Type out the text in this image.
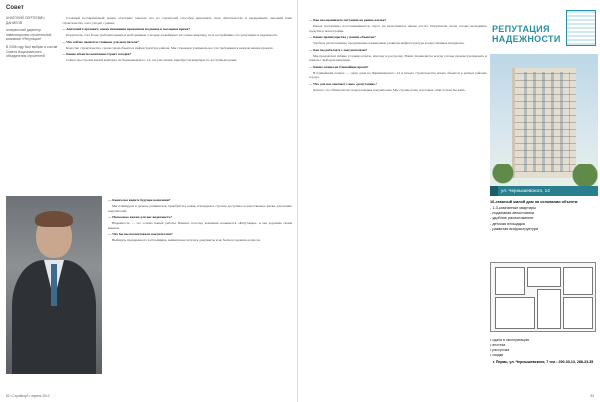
Совет

АНАТОЛИЙ СЕРГЕЕВИЧ ДАНИЛОВ

генеральный директор инвестиционно-строительной компании «Репутация»

В 2008 году был выбран в состав Совета Национального объединения строителей

Сложный посткризисный рынок отчетливо показал, кто из строителей способен выполнять свои обязательства и выдерживать высокий темп строительства, а кто уходит с рынка.

— Анатолий Сергеевич, какие изменения произошли на рынке в последнее время?

Покупатель стал более требовательным и разборчивым. Сегодня он выбирает не только квартиру, но и застройщика, его репутацию и надежность.

— Что сейчас является главным для покупателя?

Качество строительства, сроки сдачи объекта и инфраструктура района. Мы стараемся учитывать все эти требования в каждом нашем проекте.

— Какие объекты компания строит сегодня?

Сейчас мы строим жилой комплекс на Чернышевского, 14, где уже можно приобрести квартиры по доступным ценам.

— Каким вы видите будущее компании?

Мы планируем и дальше развиваться, приобретать новые площадки и строить доступное и качественное жилье для наших покупателей.

— Насколько важна для вас надежность?

Надежность — это основа нашей работы. Именно поэтому компания называется «Репутация», и мы дорожим своим именем.

— Что бы вы посоветовали покупателям?

Выбирать проверенного застройщика, внимательно изучать документы и не бояться задавать вопросы.

82 • Стройклуб • апрель 2012

— Как вы оцениваете ситуацию на рынке жилья?

Рынок постепенно восстанавливается, спрос на качественное жилье растет. Покупатели снова готовы вкладывать средства в новостройки.

— Какие преимущества у ваших объектов?

Удобное расположение, продуманные планировки, развитая инфраструктура и качественные материалы.

— Как вы работаете с покупателями?

Мы предлагаем гибкие условия оплаты, ипотеку и рассрочку. Наши специалисты всегда готовы проконсультировать и помочь с выбором квартиры.

— Какие планы на ближайшее время?

В ближайших планах — сдача дома на Чернышевского, 14 и начало строительства новых объектов в разных районах города.

— Что для вас означает слово «репутация»?

Для нас это обязательство перед каждым покупателем. Мы строим дома, в которых сами хотели бы жить.

РЕПУТАЦИЯ НАДЕЖНОСТИ
ул. Чернышевского, 14
16-этажный жилой дом на основании объекта:
- 1-3-комнатные квартиры
- подземная автостоянка
- удобное расположение
- детская площадка
- развитая инфраструктура
• сдача в эксплуатацию
• ипотека
• рассрочка
• скидки
г. Пермь, ул. Чернышевского, 7 тел.: 200-33-13, 288-23-35
83
